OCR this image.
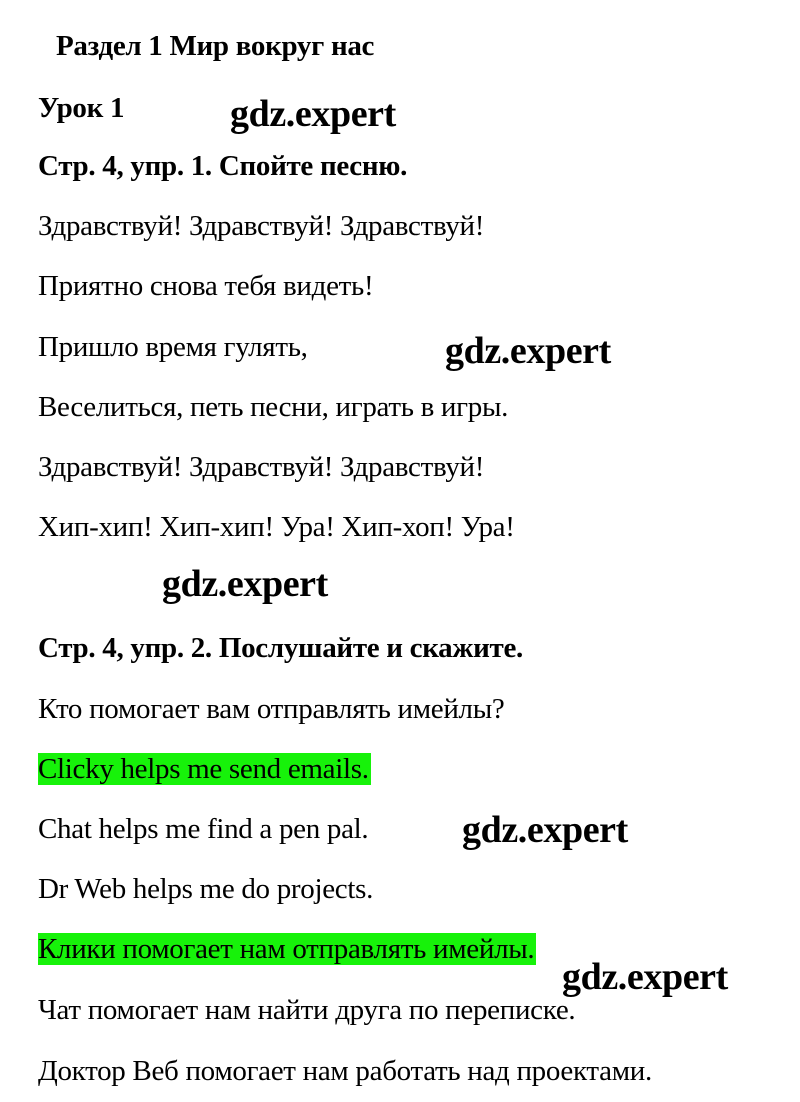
Раздел 1 Мир вокруг нас
Урок 1	gdz.expert
Стр. 4, упр. 1. Спойте песню.
Здравствуй! Здравствуй! Здравствуй!
Приятно снова тебя видеть!
Пришло время гулять,	gdz.expert
Веселиться, петь песни, играть в игры.
Здравствуй! Здравствуй! Здравствуй!
Хип-хип! Хип-хип! Ура! Хип-хоп! Ура!
gdz.expert
Стр. 4, упр. 2. Послушайте и скажите.
Кто помогает вам отправлять имейлы?
Clicky helps me send emails.
Chat helps me find a pen pal. gdz.expert
Dr Web helps me do projects.
Клики помогает нам отправлять имейлы.
gdz.expert
Чат помогает нам найти друга по переписке.
Доктор Веб помогает нам работать над проектами.
